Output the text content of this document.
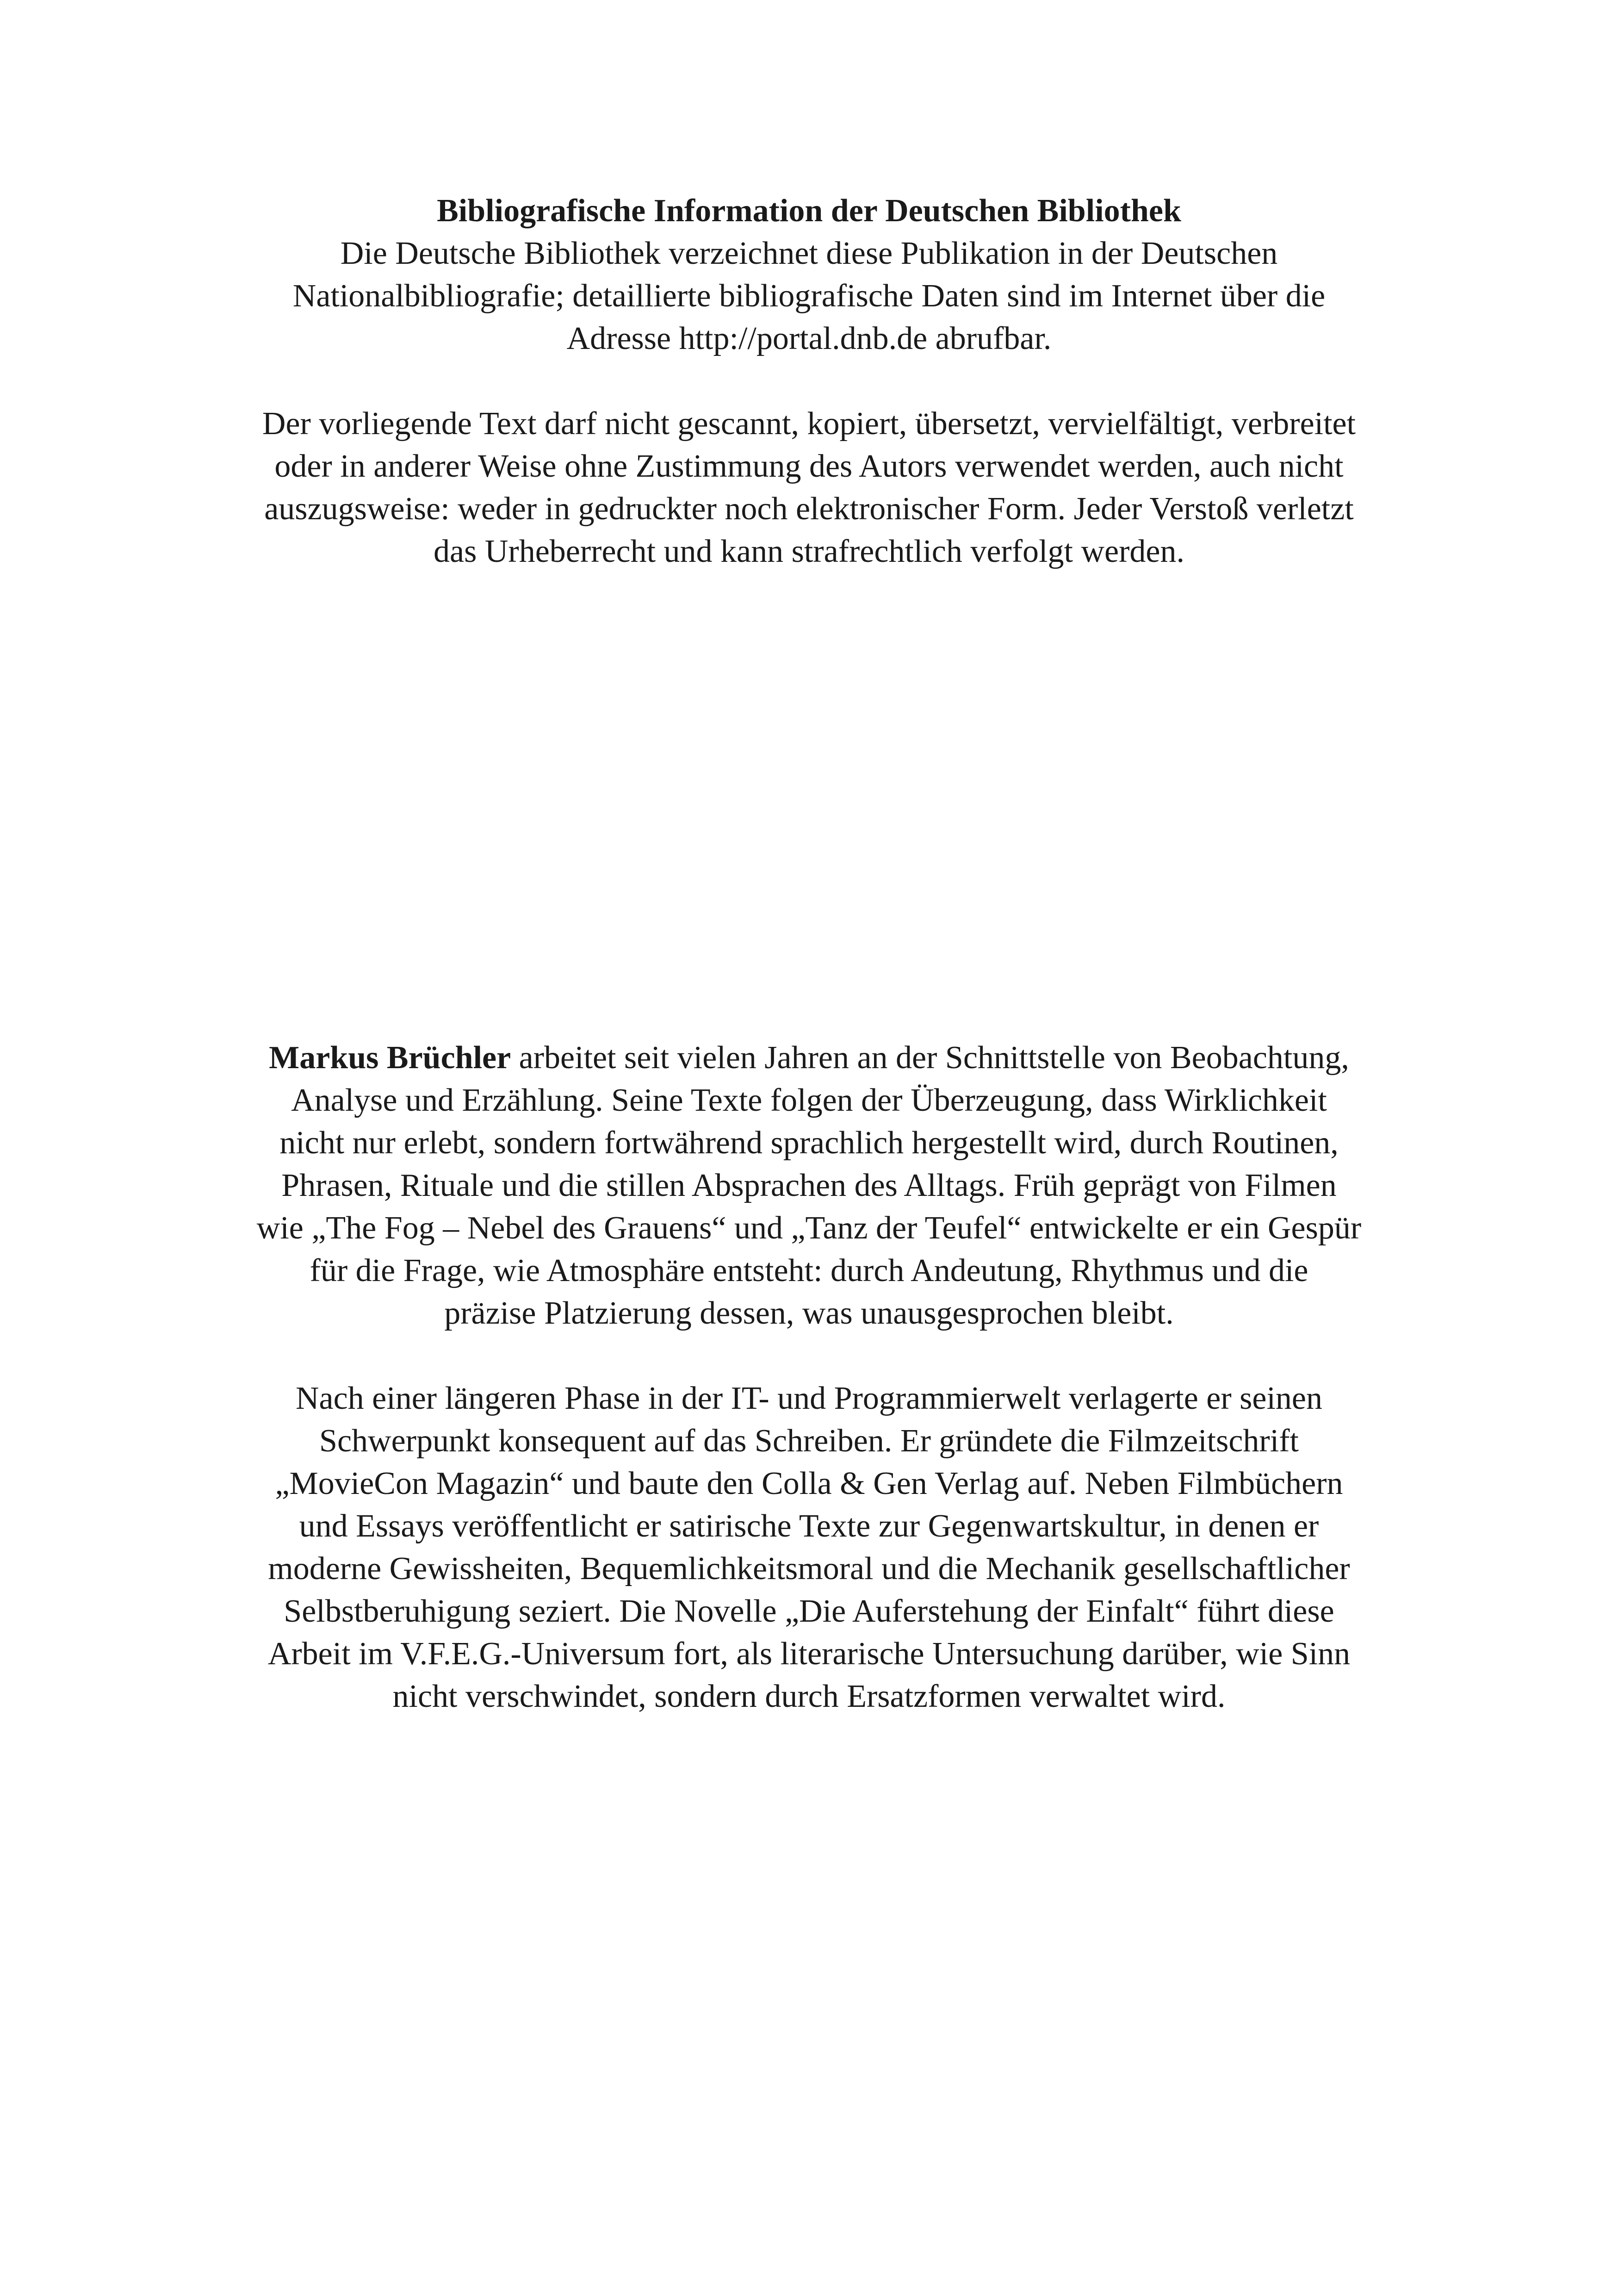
Bibliografische Information der Deutschen Bibliothek

Die Deutsche Bibliothek verzeichnet diese Publikation in der Deutschen
Nationalbibliografie; detaillierte bibliografische Daten sind im Internet über die
Adresse http://portal.dnb.de abrufbar.

Der vorliegende Text darf nicht gescannt, kopiert, übersetzt, vervielfältigt, verbreitet
oder in anderer Weise ohne Zustimmung des Autors verwendet werden, auch nicht
auszugsweise: weder in gedruckter noch elektronischer Form. Jeder Verstoß verletzt
das Urheberrecht und kann strafrechtlich verfolgt werden.

Markus Brüchler arbeitet seit vielen Jahren an der Schnittstelle von Beobachtung,
Analyse und Erzählung. Seine Texte folgen der Überzeugung, dass Wirklichkeit
nicht nur erlebt, sondern fortwährend sprachlich hergestellt wird, durch Routinen,
Phrasen, Rituale und die stillen Absprachen des Alltags. Früh geprägt von Filmen
wie „The Fog – Nebel des Grauens“ und „Tanz der Teufel“ entwickelte er ein Gespür
für die Frage, wie Atmosphäre entsteht: durch Andeutung, Rhythmus und die
präzise Platzierung dessen, was unausgesprochen bleibt.

Nach einer längeren Phase in der IT- und Programmierwelt verlagerte er seinen
Schwerpunkt konsequent auf das Schreiben. Er gründete die Filmzeitschrift
„MovieCon Magazin“ und baute den Colla & Gen Verlag auf. Neben Filmbüchern
und Essays veröffentlicht er satirische Texte zur Gegenwartskultur, in denen er
moderne Gewissheiten, Bequemlichkeitsmoral und die Mechanik gesellschaftlicher
Selbstberuhigung seziert. Die Novelle „Die Auferstehung der Einfalt“ führt diese
Arbeit im V.F.E.G.-Universum fort, als literarische Untersuchung darüber, wie Sinn
nicht verschwindet, sondern durch Ersatzformen verwaltet wird.
